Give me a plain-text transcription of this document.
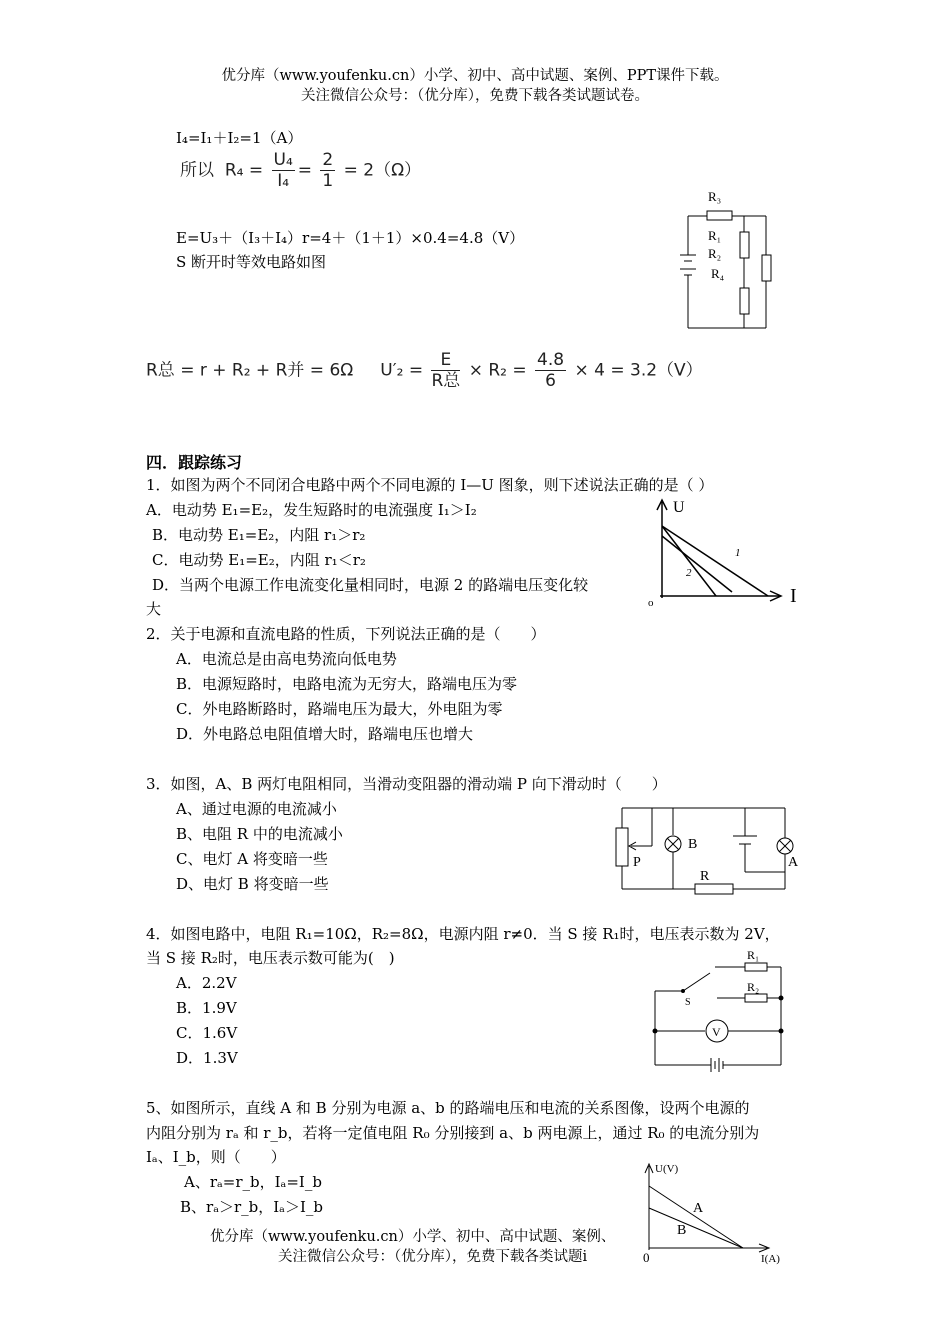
优分库（www.youfenku.cn）小学、初中、高中试题、案例、PPT课件下载。
关注微信公众号：（优分库），免费下载各类试题试卷。
I₄=I₁＋I₂=1（A）
所以 $R_4 = \frac{\text{U₄}}{\text{I₄}} = \frac{2}{1} = 2(\Omega)$
E=U₃＋（I₃＋I₄）r=4＋（1＋1）×0.4=4.8（V）
S 断开时等效电路如图
R₃
R₁
R₂
R₄
R总 = r + R₂ + R并 = 6Ω $U'_2 = \frac{E}{\text{R总}} \times R_2 = \frac{4.8}{6} \times 4 = 3.2(V)$
四．跟踪练习
1．如图为两个不同闭合电路中两个不同电源的 I—U 图象，则下述说法正确的是（ ）
A．电动势 E₁=E₂，发生短路时的电流强度 I₁＞I₂
B．电动势 E₁=E₂，内阻 r₁＞r₂
C．电动势 E₁=E₂，内阻 r₁＜r₂
D．当两个电源工作电流变化量相同时，电源 2 的路端电压变化较
大
U
I
o
1
2
2．关于电源和直流电路的性质，下列说法正确的是（　　）
A．电流总是由高电势流向低电势
B．电源短路时，电路电流为无穷大，路端电压为零
C．外电路断路时，路端电压为最大，外电阻为零
D．外电路总电阻值增大时，路端电压也增大
3．如图，A、B 两灯电阻相同，当滑动变阻器的滑动端 P 向下滑动时（　　）
A、通过电源的电流减小
B、电阻 R 中的电流减小
C、电灯 A 将变暗一些
D、电灯 B 将变暗一些
B
A
P
R
4．如图电路中，电阻 R₁=10Ω，R₂=8Ω，电源内阻 r≠0．当 S 接 R₁时，电压表示数为 2V，
当 S 接 R₂时，电压表示数可能为(　)
A．2.2V
B．1.9V
C．1.6V
D．1.3V
R₁
R₂
S
V
5、如图所示，直线 A 和 B 分别为电源 a、b 的路端电压和电流的关系图像，设两个电源的
内阻分别为 rₐ 和 r_b，若将一定值电阻 R₀ 分别接到 a、b 两电源上，通过 R₀ 的电流分别为
Iₐ、I_b，则（　　）
A、rₐ=r_b，Iₐ=I_b
B、rₐ＞r_b，Iₐ＞I_b
U(V)
I(A)
0
A
B
优分库（www.youfenku.cn）小学、初中、高中试题、案例、
关注微信公众号：（优分库），免费下载各类试题i
